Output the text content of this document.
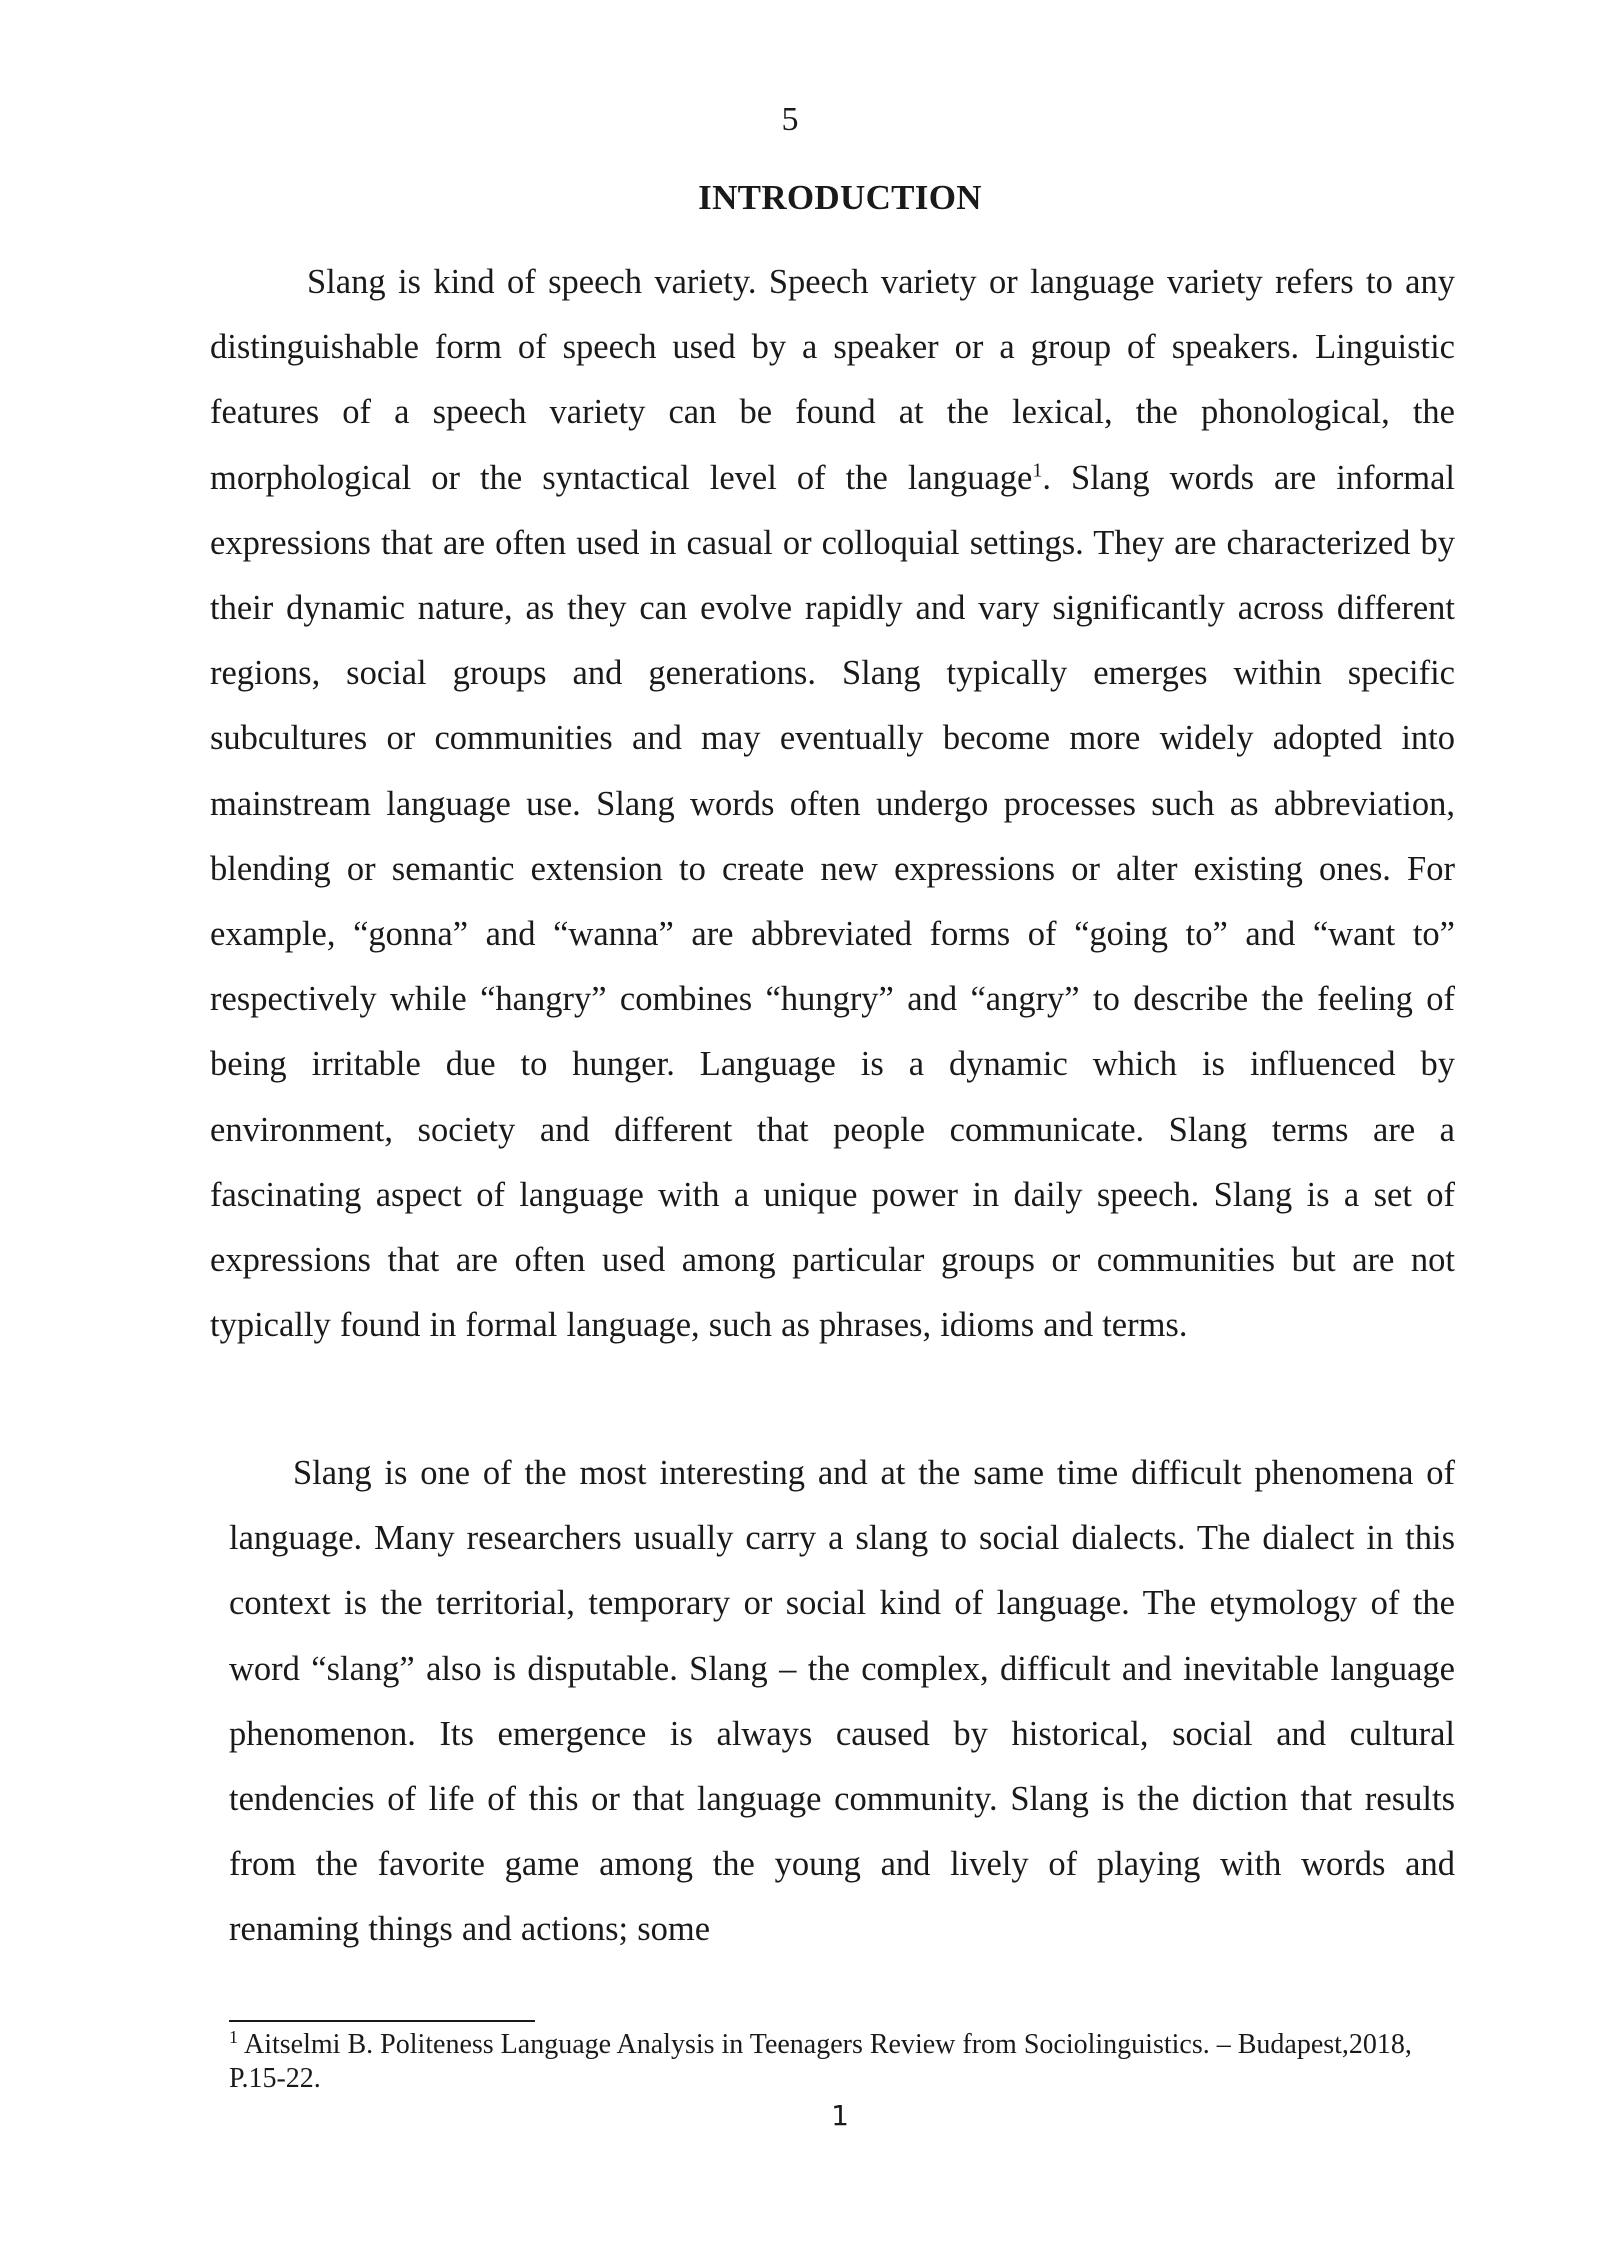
5
INTRODUCTION

Slang is kind of speech variety. Speech variety or language variety refers to any distinguishable form of speech used by a speaker or a group of speakers. Linguistic features of a speech variety can be found at the lexical, the phonological, the morphological or the syntactical level of the language$^1$. Slang words are informal expressions that are often used in casual or colloquial settings. They are characterized by their dynamic nature, as they can evolve rapidly and vary significantly across different regions, social groups and generations. Slang typically emerges within specific subcultures or communities and may eventually become more widely adopted into mainstream language use. Slang words often undergo processes such as abbreviation, blending or semantic extension to create new expressions or alter existing ones. For example, “gonna” and “wanna” are abbreviated forms of “going to” and “want to” respectively while “hangry” combines “hungry” and “angry” to describe the feeling of being irritable due to hunger. Language is a dynamic which is influenced by environment, society and different that people communicate. Slang terms are a fascinating aspect of language with a unique power in daily speech. Slang is a set of expressions that are often used among particular groups or communities but are not typically found in formal language, such as phrases, idioms and terms.

Slang is one of the most interesting and at the same time difficult phenomena of language. Many researchers usually carry a slang to social dialects. The dialect in this context is the territorial, temporary or social kind of language. The etymology of the word “slang” also is disputable. Slang – the complex, difficult and inevitable language phenomenon. Its emergence is always caused by historical, social and cultural tendencies of life of this or that language community. Slang is the diction that results from the favorite game among the young and lively of playing with words and renaming things and actions; some

$^1$ Aitselmi B. Politeness Language Analysis in Teenagers Review from Sociolinguistics. – Budapest,2018, P.15-22.
1
